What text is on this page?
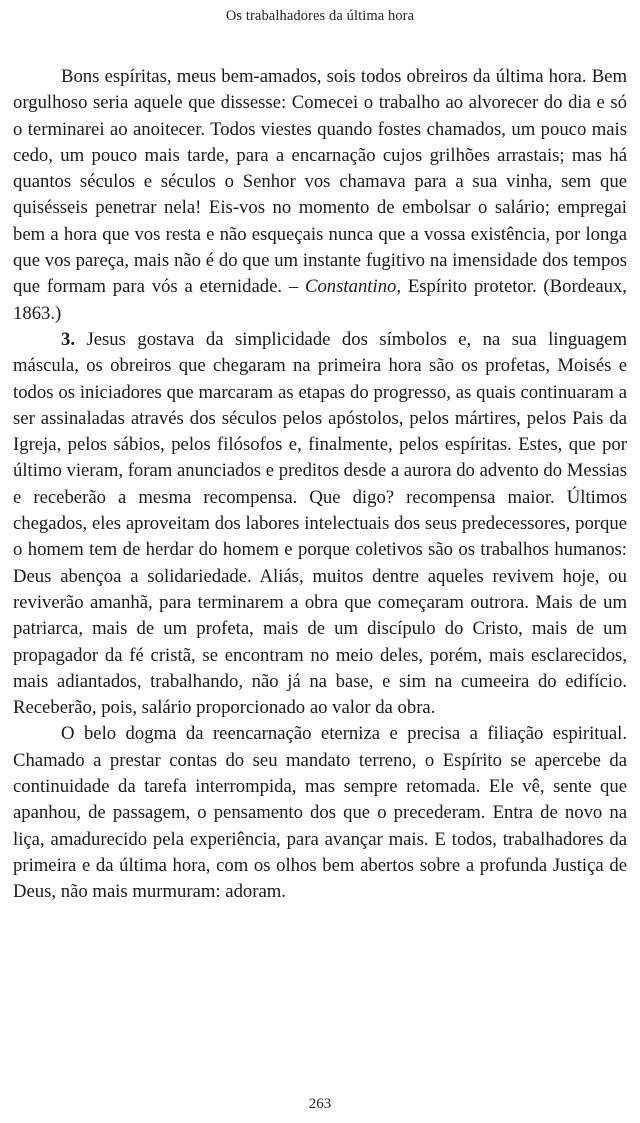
Os trabalhadores da última hora

Bons espíritas, meus bem-amados, sois todos obreiros da última hora. Bem orgulhoso seria aquele que dissesse: Comecei o trabalho ao alvorecer do dia e só o terminarei ao anoitecer. Todos viestes quando fostes chamados, um pouco mais cedo, um pouco mais tarde, para a encarnação cujos grilhões arrastais; mas há quantos séculos e séculos o Senhor vos chamava para a sua vinha, sem que quisésseis penetrar nela! Eis-vos no momento de embolsar o salário; empregai bem a hora que vos resta e não esqueçais nunca que a vossa existência, por longa que vos pareça, mais não é do que um instante fugitivo na imensidade dos tempos que formam para vós a eternidade. – Constantino, Espírito protetor. (Bordeaux, 1863.)

3. Jesus gostava da simplicidade dos símbolos e, na sua linguagem máscula, os obreiros que chegaram na primeira hora são os profetas, Moisés e todos os iniciadores que marcaram as etapas do progresso, as quais continuaram a ser assinaladas através dos séculos pelos apóstolos, pelos mártires, pelos Pais da Igreja, pelos sábios, pelos filósofos e, finalmente, pelos espíritas. Estes, que por último vieram, foram anunciados e preditos desde a aurora do advento do Messias e receberão a mesma recompensa. Que digo? recompensa maior. Últimos chegados, eles aproveitam dos labores intelectuais dos seus predecessores, porque o homem tem de herdar do homem e porque coletivos são os trabalhos humanos: Deus abençoa a solidariedade. Aliás, muitos dentre aqueles revivem hoje, ou reviverão amanhã, para terminarem a obra que começaram outrora. Mais de um patriarca, mais de um profeta, mais de um discípulo do Cristo, mais de um propagador da fé cristã, se encontram no meio deles, porém, mais esclarecidos, mais adiantados, trabalhando, não já na base, e sim na cumeeira do edifício. Receberão, pois, salário proporcionado ao valor da obra.

O belo dogma da reencarnação eterniza e precisa a filiação espiritual. Chamado a prestar contas do seu mandato terreno, o Espírito se apercebe da continuidade da tarefa interrompida, mas sempre retomada. Ele vê, sente que apanhou, de passagem, o pensamento dos que o precederam. Entra de novo na liça, amadurecido pela experiência, para avançar mais. E todos, trabalhadores da primeira e da última hora, com os olhos bem abertos sobre a profunda Justiça de Deus, não mais murmuram: adoram.

263
